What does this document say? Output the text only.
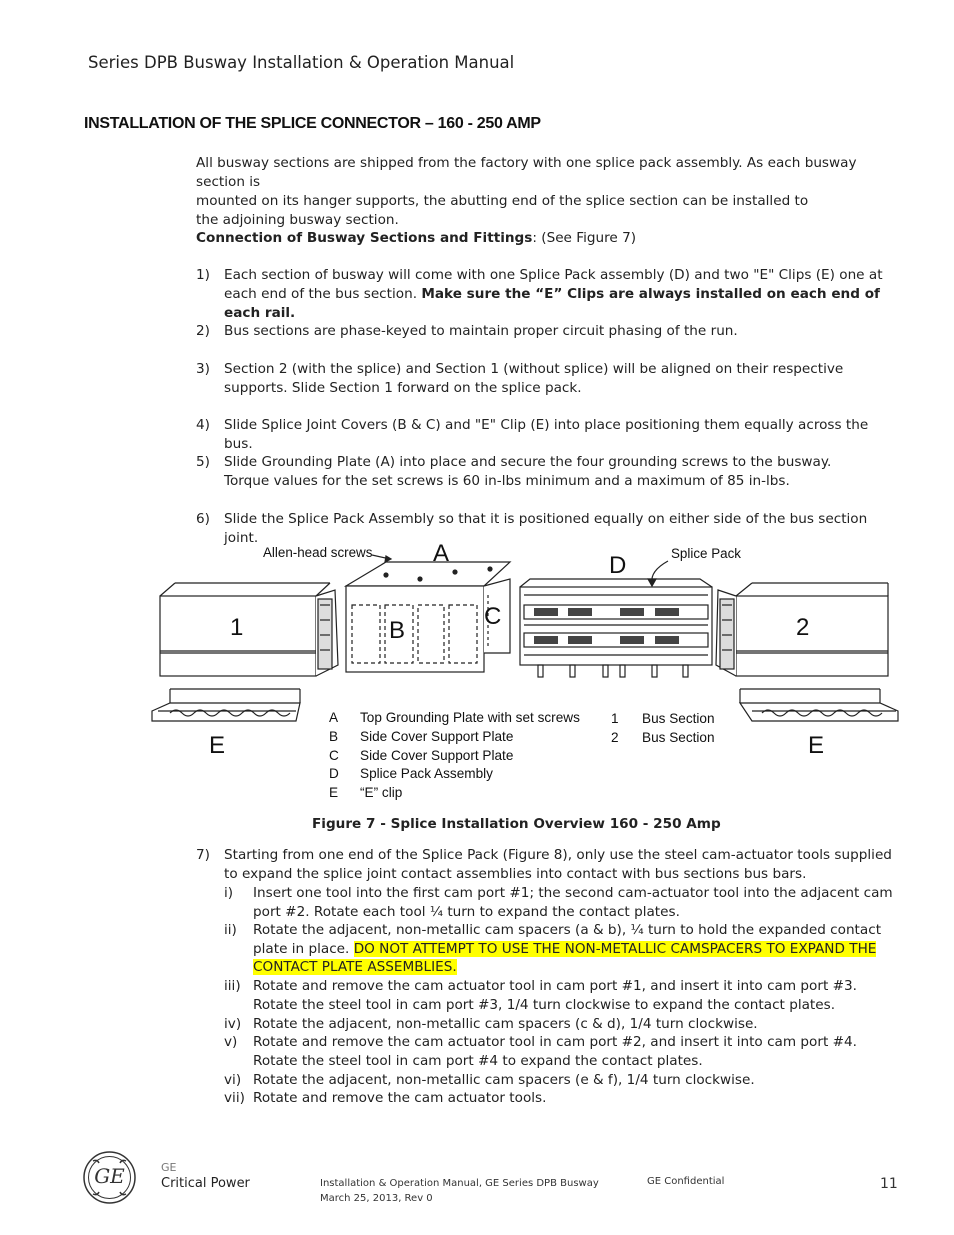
Series DPB Busway Installation & Operation Manual
INSTALLATION OF THE SPLICE CONNECTOR – 160 - 250 AMP
All busway sections are shipped from the factory with one splice pack assembly. As each busway section is
mounted on its hanger supports, the abutting end of the splice section can be installed to
the adjoining busway section.
Connection of Busway Sections and Fittings: (See Figure 7)
1)	Each section of busway will come with one Splice Pack assembly (D) and two "E" Clips (E) one at each end of the bus section. Make sure the “E” Clips are always installed on each end of each rail.
2)	Bus sections are phase-keyed to maintain proper circuit phasing of the run.
3)	Section 2 (with the splice) and Section 1 (without splice) will be aligned on their respective supports. Slide Section 1 forward on the splice pack.
4)	Slide Splice Joint Covers (B & C) and "E" Clip (E) into place positioning them equally across the bus.
5)	Slide Grounding Plate (A) into place and secure the four grounding screws to the busway.
Torque values for the set screws is 60 in-lbs minimum and a maximum of 85 in-lbs.
6)	Slide the Splice Pack Assembly so that it is positioned equally on either side of the bus section joint.
Allen-head screws	Splice Pack
A
B
C
D
1	2
E	E
A Top Grounding Plate with set screws
B Side Cover Support Plate
C Side Cover Support Plate
D Splice Pack Assembly
E “E” clip
1 Bus Section
2 Bus Section
Figure 7 - Splice Installation Overview 160 - 250 Amp
7)	Starting from one end of the Splice Pack (Figure 8), only use the steel cam-actuator tools supplied to expand the splice joint contact assemblies into contact with bus sections bus bars.
i) Insert one tool into the first cam port #1; the second cam-actuator tool into the adjacent cam port #2. Rotate each tool ¼ turn to expand the contact plates.
ii) Rotate the adjacent, non-metallic cam spacers (a & b), ¼ turn to hold the expanded contact plate in place. DO NOT ATTEMPT TO USE THE NON-METALLIC CAMSPACERS TO EXPAND THE CONTACT PLATE ASSEMBLIES.
iii) Rotate and remove the cam actuator tool in cam port #1, and insert it into cam port #3. Rotate the steel tool in cam port #3, 1/4 turn clockwise to expand the contact plates.
iv) Rotate the adjacent, non-metallic cam spacers (c & d), 1/4 turn clockwise.
v) Rotate and remove the cam actuator tool in cam port #2, and insert it into cam port #4. Rotate the steel tool in cam port #4 to expand the contact plates.
vi) Rotate the adjacent, non-metallic cam spacers (e & f), 1/4 turn clockwise.
vii) Rotate and remove the cam actuator tools.
GE	GE
Critical Power	Installation & Operation Manual, GE Series DPB Busway
March 25, 2013, Rev 0
GE Confidential	11
